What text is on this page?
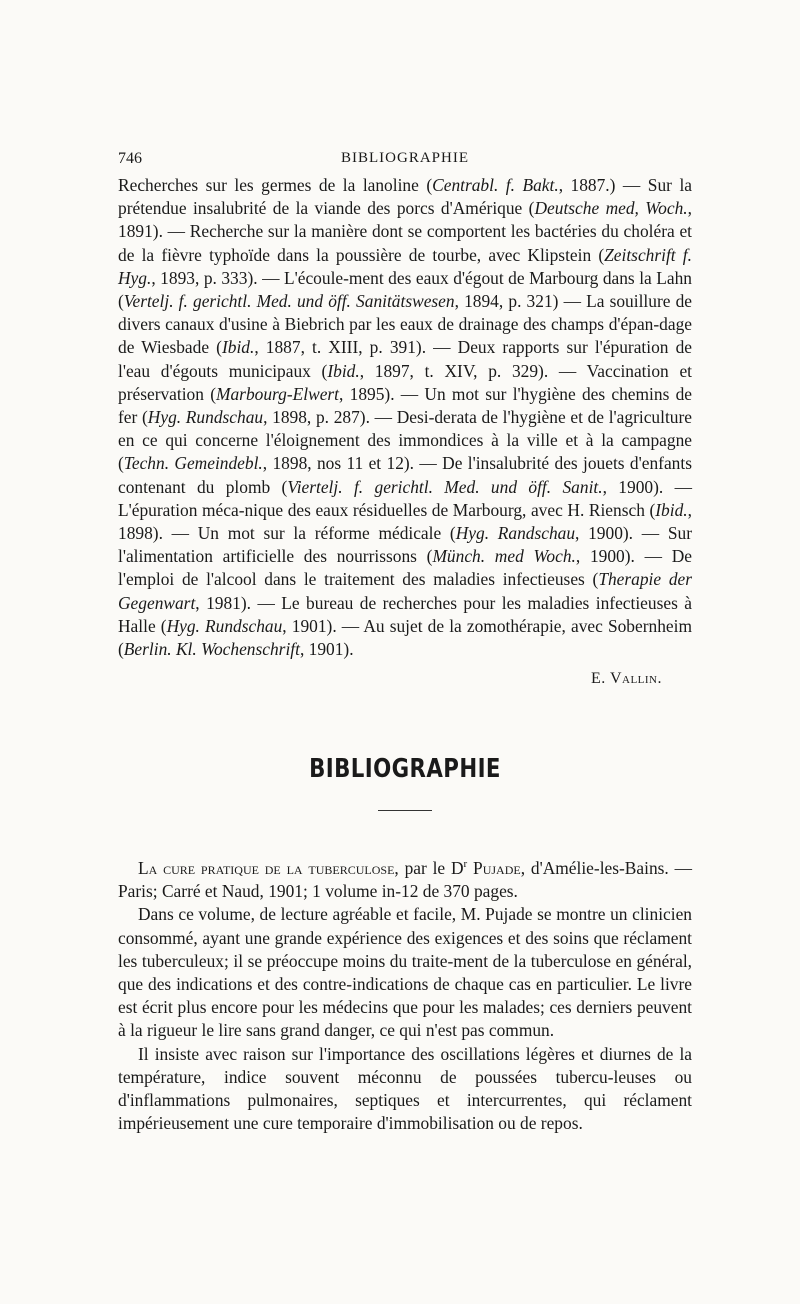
746	BIBLIOGRAPHIE

Recherches sur les germes de la lanoline (Centrabl. f. Bakt., 1887.) — Sur la prétendue insalubrité de la viande des porcs d'Amérique (Deutsche med, Woch., 1891). — Recherche sur la manière dont se comportent les bactéries du choléra et de la fièvre typhoïde dans la poussière de tourbe, avec Klipstein (Zeitschrift f. Hyg., 1893, p. 333). — L'écoule-ment des eaux d'égout de Marbourg dans la Lahn (Vertelj. f. gerichtl. Med. und öff. Sanitätswesen, 1894, p. 321) — La souillure de divers canaux d'usine à Biebrich par les eaux de drainage des champs d'épan-dage de Wiesbade (Ibid., 1887, t. XIII, p. 391). — Deux rapports sur l'épuration de l'eau d'égouts municipaux (Ibid., 1897, t. XIV, p. 329). — Vaccination et préservation (Marbourg-Elwert, 1895). — Un mot sur l'hygiène des chemins de fer (Hyg. Rundschau, 1898, p. 287). — Desi-derata de l'hygiène et de l'agriculture en ce qui concerne l'éloignement des immondices à la ville et à la campagne (Techn. Gemeindebl., 1898, nos 11 et 12). — De l'insalubrité des jouets d'enfants contenant du plomb (Viertelj. f. gerichtl. Med. und öff. Sanit., 1900). — L'épuration méca-nique des eaux résiduelles de Marbourg, avec H. Riensch (Ibid., 1898). — Un mot sur la réforme médicale (Hyg. Randschau, 1900). — Sur l'alimentation artificielle des nourrissons (Münch. med Woch., 1900). — De l'emploi de l'alcool dans le traitement des maladies infectieuses (Therapie der Gegenwart, 1981). — Le bureau de recherches pour les maladies infectieuses à Halle (Hyg. Rundschau, 1901). — Au sujet de la zomothérapie, avec Sobernheim (Berlin. Kl. Wochenschrift, 1901).

E. Vallin.
BIBLIOGRAPHIE

La cure pratique de la tuberculose, par le $D^r$ Pujade, d'Amélie-les-Bains. — Paris; Carré et Naud, 1901; 1 volume in-12 de 370 pages.

Dans ce volume, de lecture agréable et facile, M. Pujade se montre un clinicien consommé, ayant une grande expérience des exigences et des soins que réclament les tuberculeux; il se préoccupe moins du traite-ment de la tuberculose en général, que des indications et des contre-indications de chaque cas en particulier. Le livre est écrit plus encore pour les médecins que pour les malades; ces derniers peuvent à la rigueur le lire sans grand danger, ce qui n'est pas commun.

Il insiste avec raison sur l'importance des oscillations légères et diurnes de la température, indice souvent méconnu de poussées tubercu-leuses ou d'inflammations pulmonaires, septiques et intercurrentes, qui réclament impérieusement une cure temporaire d'immobilisation ou de repos.
